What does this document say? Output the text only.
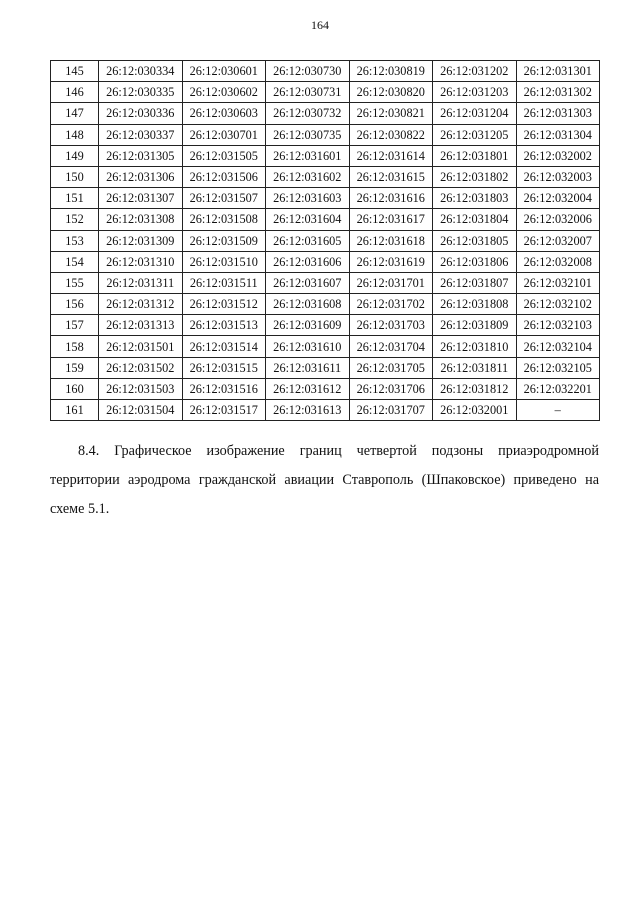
164
145	26:12:030334	26:12:030601	26:12:030730	26:12:030819	26:12:031202	26:12:031301
146	26:12:030335	26:12:030602	26:12:030731	26:12:030820	26:12:031203	26:12:031302
147	26:12:030336	26:12:030603	26:12:030732	26:12:030821	26:12:031204	26:12:031303
148	26:12:030337	26:12:030701	26:12:030735	26:12:030822	26:12:031205	26:12:031304
149	26:12:031305	26:12:031505	26:12:031601	26:12:031614	26:12:031801	26:12:032002
150	26:12:031306	26:12:031506	26:12:031602	26:12:031615	26:12:031802	26:12:032003
151	26:12:031307	26:12:031507	26:12:031603	26:12:031616	26:12:031803	26:12:032004
152	26:12:031308	26:12:031508	26:12:031604	26:12:031617	26:12:031804	26:12:032006
153	26:12:031309	26:12:031509	26:12:031605	26:12:031618	26:12:031805	26:12:032007
154	26:12:031310	26:12:031510	26:12:031606	26:12:031619	26:12:031806	26:12:032008
155	26:12:031311	26:12:031511	26:12:031607	26:12:031701	26:12:031807	26:12:032101
156	26:12:031312	26:12:031512	26:12:031608	26:12:031702	26:12:031808	26:12:032102
157	26:12:031313	26:12:031513	26:12:031609	26:12:031703	26:12:031809	26:12:032103
158	26:12:031501	26:12:031514	26:12:031610	26:12:031704	26:12:031810	26:12:032104
159	26:12:031502	26:12:031515	26:12:031611	26:12:031705	26:12:031811	26:12:032105
160	26:12:031503	26:12:031516	26:12:031612	26:12:031706	26:12:031812	26:12:032201
161	26:12:031504	26:12:031517	26:12:031613	26:12:031707	26:12:032001	–

8.4. Графическое изображение границ четвертой подзоны приаэродромной территории аэродрома гражданской авиации Ставрополь (Шпаковское) приведено на схеме 5.1.
